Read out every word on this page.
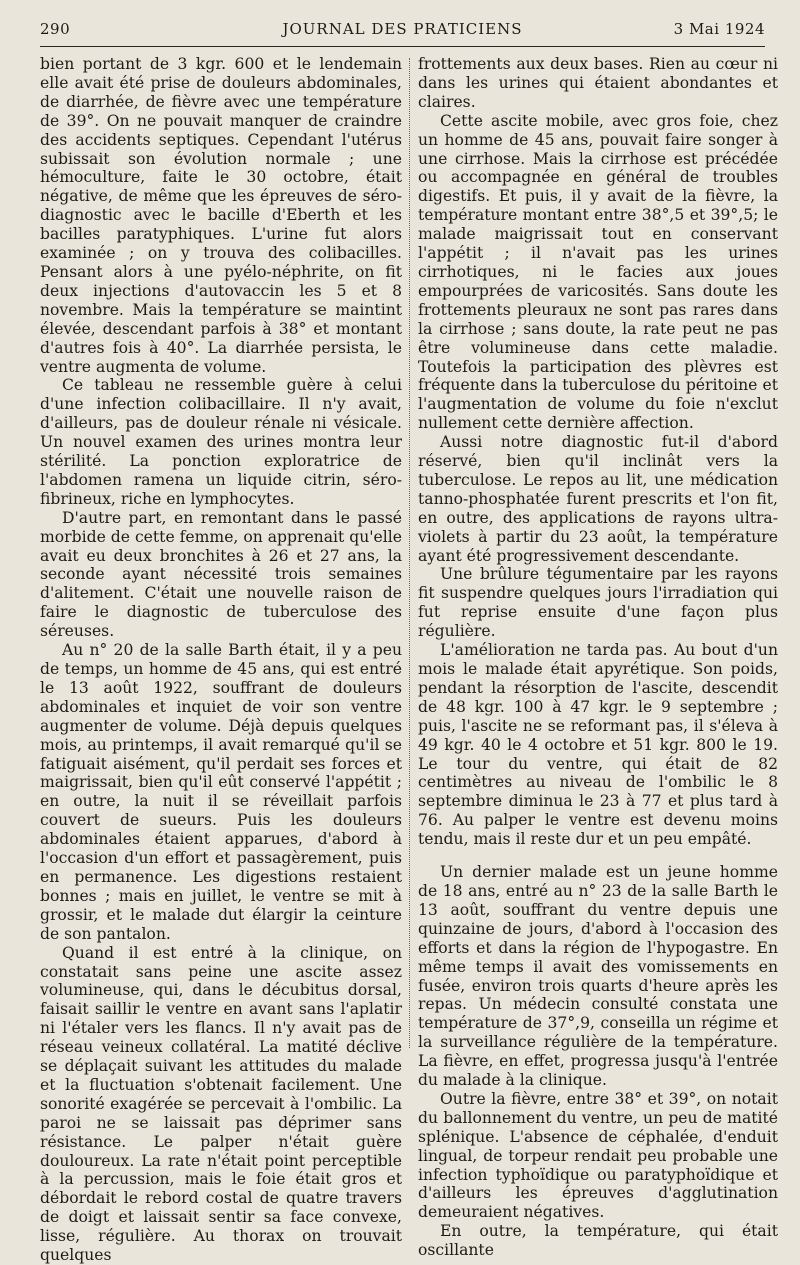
290	JOURNAL DES PRATICIENS	3 Mai 1924

bien portant de 3 kgr. 600 et le lendemain elle avait été prise de douleurs abdominales, de diarrhée, de fièvre avec une température de 39°. On ne pouvait manquer de craindre des accidents septiques. Cependant l'utérus subissait son évolution normale ; une hémoculture, faite le 30 octobre, était négative, de même que les épreuves de séro-diagnostic avec le bacille d'Eberth et les bacilles paratyphiques. L'urine fut alors examinée ; on y trouva des colibacilles. Pensant alors à une pyélo-néphrite, on fit deux injections d'autovaccin les 5 et 8 novembre. Mais la température se maintint élevée, descendant parfois à 38° et montant d'autres fois à 40°. La diarrhée persista, le ventre augmenta de volume.

Ce tableau ne ressemble guère à celui d'une infection colibacillaire. Il n'y avait, d'ailleurs, pas de douleur rénale ni vésicale. Un nouvel examen des urines montra leur stérilité. La ponction exploratrice de l'abdomen ramena un liquide citrin, séro-fibrineux, riche en lymphocytes.

D'autre part, en remontant dans le passé morbide de cette femme, on apprenait qu'elle avait eu deux bronchites à 26 et 27 ans, la seconde ayant nécessité trois semaines d'alitement. C'était une nouvelle raison de faire le diagnostic de tuberculose des séreuses.

Au n° 20 de la salle Barth était, il y a peu de temps, un homme de 45 ans, qui est entré le 13 août 1922, souffrant de douleurs abdominales et inquiet de voir son ventre augmenter de volume. Déjà depuis quelques mois, au printemps, il avait remarqué qu'il se fatiguait aisément, qu'il perdait ses forces et maigrissait, bien qu'il eût conservé l'appétit ; en outre, la nuit il se réveillait parfois couvert de sueurs. Puis les douleurs abdominales étaient apparues, d'abord à l'occasion d'un effort et passagèrement, puis en permanence. Les digestions restaient bonnes ; mais en juillet, le ventre se mit à grossir, et le malade dut élargir la ceinture de son pantalon.

Quand il est entré à la clinique, on constatait sans peine une ascite assez volumineuse, qui, dans le décubitus dorsal, faisait saillir le ventre en avant sans l'aplatir ni l'étaler vers les flancs. Il n'y avait pas de réseau veineux collatéral. La matité déclive se déplaçait suivant les attitudes du malade et la fluctuation s'obtenait facilement. Une sonorité exagérée se percevait à l'ombilic. La paroi ne se laissait pas déprimer sans résistance. Le palper n'était guère douloureux. La rate n'était point perceptible à la percussion, mais le foie était gros et débordait le rebord costal de quatre travers de doigt et laissait sentir sa face convexe, lisse, régulière. Au thorax on trouvait quelques

frottements aux deux bases. Rien au cœur ni dans les urines qui étaient abondantes et claires.

Cette ascite mobile, avec gros foie, chez un homme de 45 ans, pouvait faire songer à une cirrhose. Mais la cirrhose est précédée ou accompagnée en général de troubles digestifs. Et puis, il y avait de la fièvre, la température montant entre 38°,5 et 39°,5; le malade maigrissait tout en conservant l'appétit ; il n'avait pas les urines cirrhotiques, ni le facies aux joues empourprées de varicosités. Sans doute les frottements pleuraux ne sont pas rares dans la cirrhose ; sans doute, la rate peut ne pas être volumineuse dans cette maladie. Toutefois la participation des plèvres est fréquente dans la tuberculose du péritoine et l'augmentation de volume du foie n'exclut nullement cette dernière affection.

Aussi notre diagnostic fut-il d'abord réservé, bien qu'il inclinât vers la tuberculose. Le repos au lit, une médication tanno-phosphatée furent prescrits et l'on fit, en outre, des applications de rayons ultra-violets à partir du 23 août, la température ayant été progressivement descendante.

Une brûlure tégumentaire par les rayons fit suspendre quelques jours l'irradiation qui fut reprise ensuite d'une façon plus régulière.

L'amélioration ne tarda pas. Au bout d'un mois le malade était apyrétique. Son poids, pendant la résorption de l'ascite, descendit de 48 kgr. 100 à 47 kgr. le 9 septembre ; puis, l'ascite ne se reformant pas, il s'éleva à 49 kgr. 40 le 4 octobre et 51 kgr. 800 le 19. Le tour du ventre, qui était de 82 centimètres au niveau de l'ombilic le 8 septembre diminua le 23 à 77 et plus tard à 76. Au palper le ventre est devenu moins tendu, mais il reste dur et un peu empâté.

Un dernier malade est un jeune homme de 18 ans, entré au n° 23 de la salle Barth le 13 août, souffrant du ventre depuis une quinzaine de jours, d'abord à l'occasion des efforts et dans la région de l'hypogastre. En même temps il avait des vomissements en fusée, environ trois quarts d'heure après les repas. Un médecin consulté constata une température de 37°,9, conseilla un régime et la surveillance régulière de la température. La fièvre, en effet, progressa jusqu'à l'entrée du malade à la clinique.

Outre la fièvre, entre 38° et 39°, on notait du ballonnement du ventre, un peu de matité splénique. L'absence de céphalée, d'enduit lingual, de torpeur rendait peu probable une infection typhoïdique ou paratyphoïdique et d'ailleurs les épreuves d'agglutination demeuraient négatives.

En outre, la température, qui était oscillante
